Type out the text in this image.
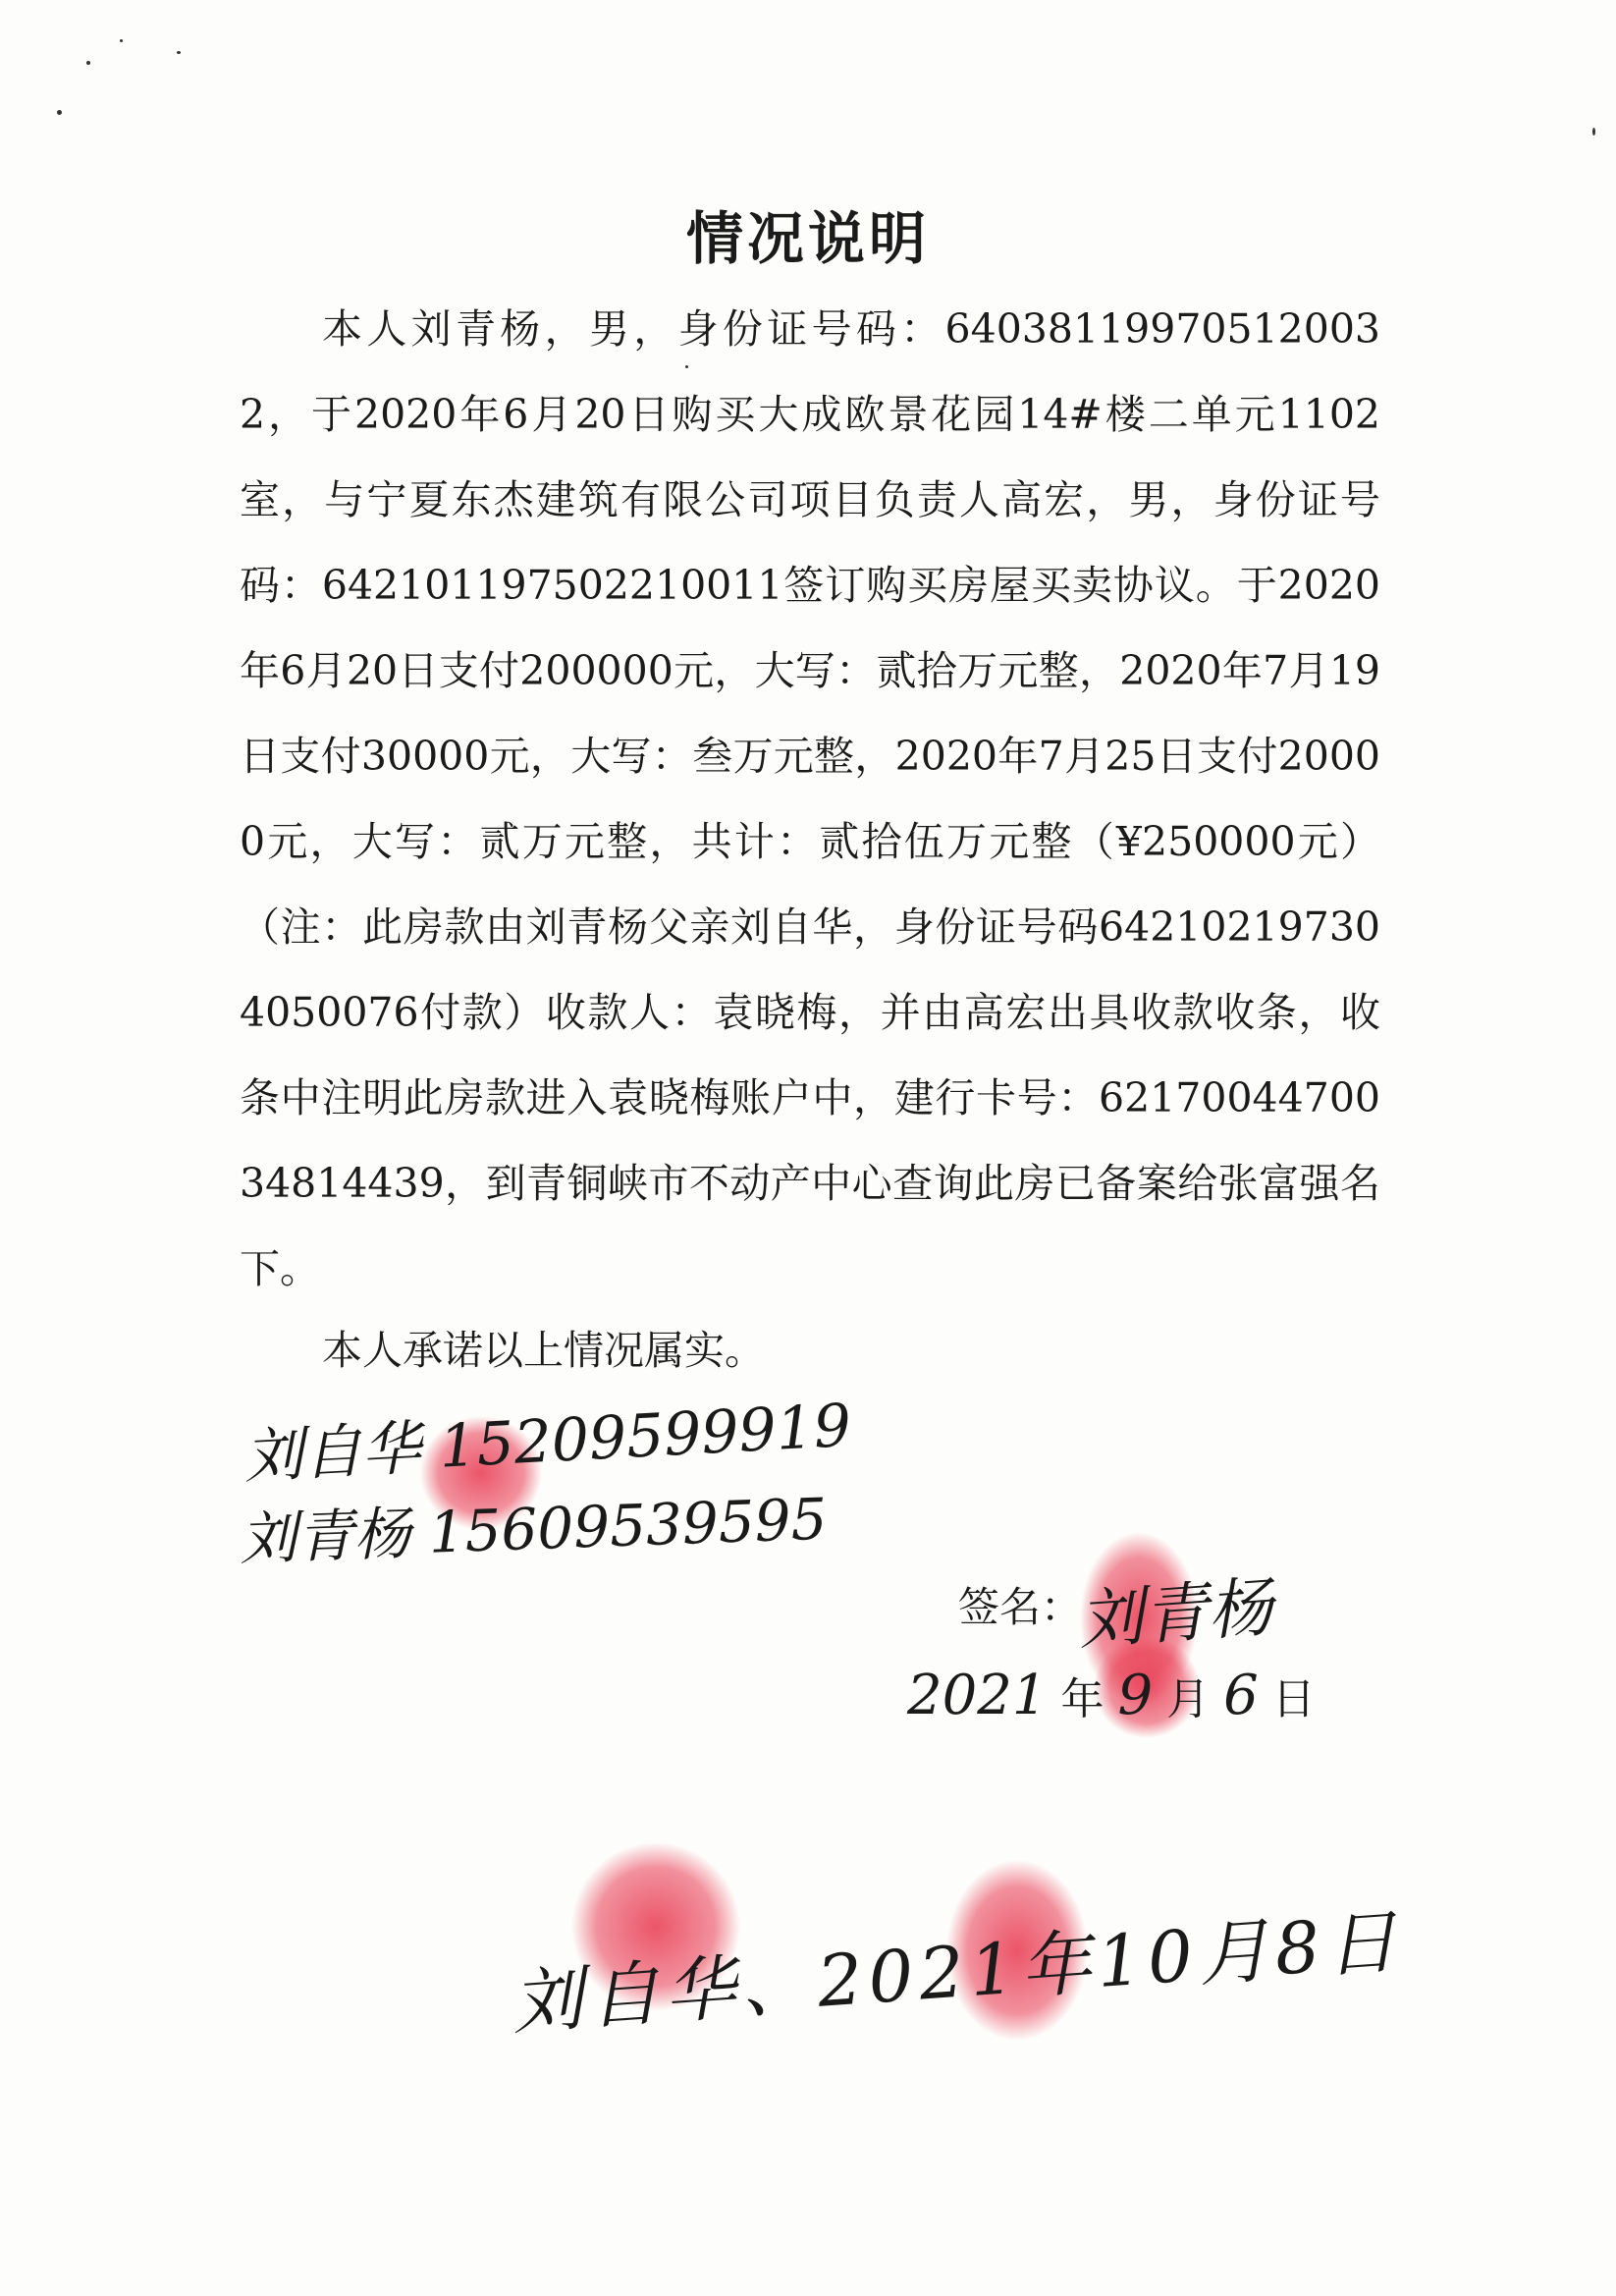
情况说明

本人刘青杨，男，身份证号码：640381199705120032，于2020年6月20日购买大成欧景花园14#楼二单元1102室，与宁夏东杰建筑有限公司项目负责人高宏，男，身份证号码：642101197502210011签订购买房屋买卖协议。于2020年6月20日支付200000元，大写：贰拾万元整，2020年7月19日支付30000元，大写：叁万元整，2020年7月25日支付20000元，大写：贰万元整，共计：贰拾伍万元整（¥250000元）（注：此房款由刘青杨父亲刘自华，身份证号码642102197304050076付款）收款人：袁晓梅，并由高宏出具收款收条，收条中注明此房款进入袁晓梅账户中，建行卡号：6217004470034814439，到青铜峡市不动产中心查询此房已备案给张富强名下。

本人承诺以上情况属实。

刘自华 15209599919
刘青杨 15609539595
签名：
刘青杨
2021 年 9 月 6 日
刘自华、2021年10月8日
